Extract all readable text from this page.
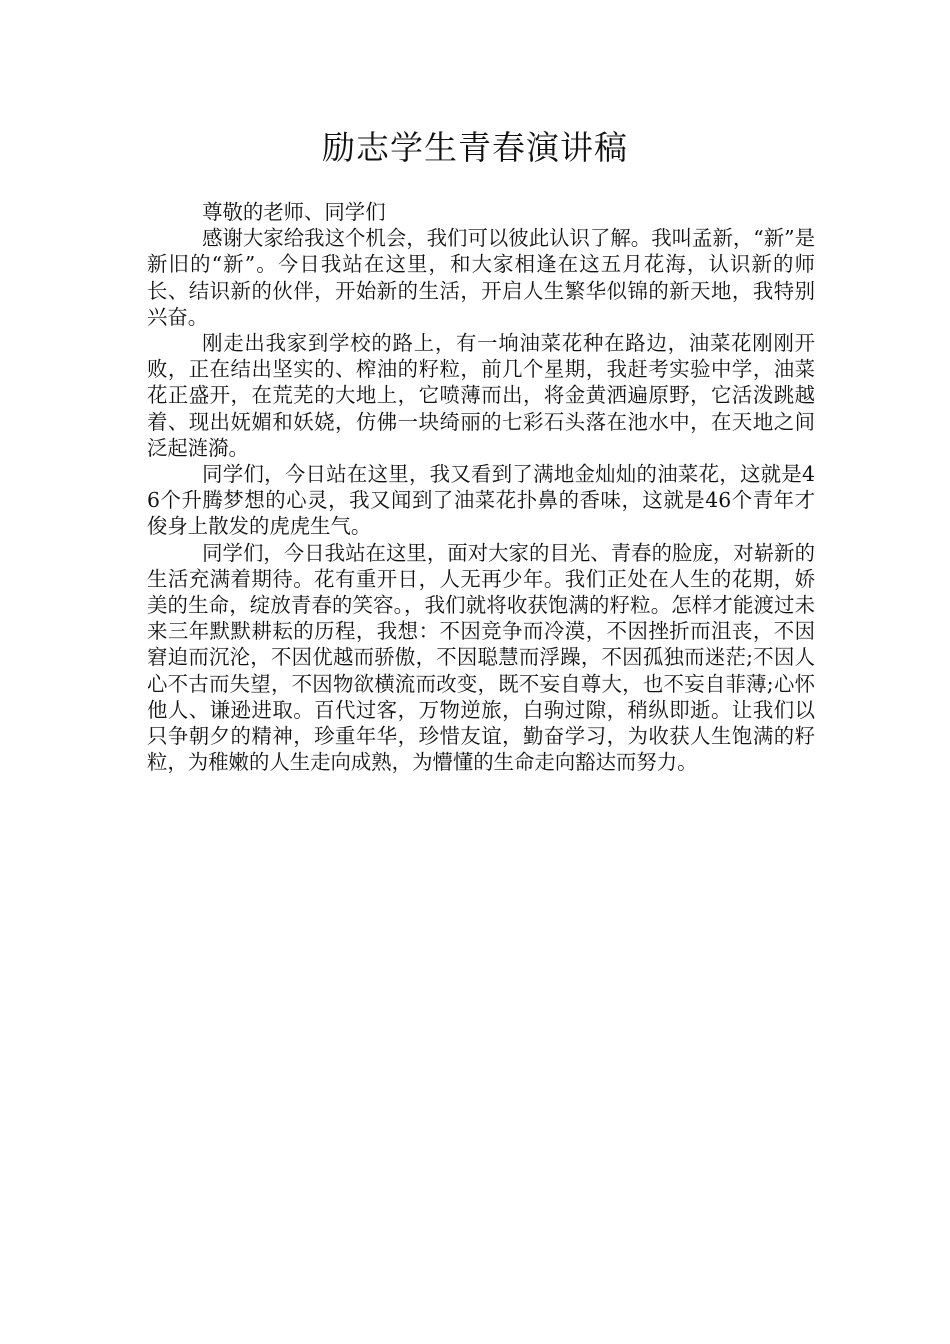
励志学生青春演讲稿

尊敬的老师、同学们

感谢大家给我这个机会，我们可以彼此认识了解。我叫孟新，“新”是新旧的“新”。今日我站在这里，和大家相逢在这五月花海，认识新的师长、结识新的伙伴，开始新的生活，开启人生繁华似锦的新天地，我特别兴奋。

刚走出我家到学校的路上，有一垧油菜花种在路边，油菜花刚刚开败，正在结出坚实的、榨油的籽粒，前几个星期，我赶考实验中学，油菜花正盛开，在荒芜的大地上，它喷薄而出，将金黄洒遍原野，它活泼跳越着、现出妩媚和妖娆，仿佛一块绮丽的七彩石头落在池水中，在天地之间泛起涟漪。

同学们，今日站在这里，我又看到了满地金灿灿的油菜花，这就是46个升腾梦想的心灵，我又闻到了油菜花扑鼻的香味，这就是46个青年才俊身上散发的虎虎生气。

同学们，今日我站在这里，面对大家的目光、青春的脸庞，对崭新的生活充满着期待。花有重开日，人无再少年。我们正处在人生的花期，娇美的生命，绽放青春的笑容。，我们就将收获饱满的籽粒。怎样才能渡过未来三年默默耕耘的历程，我想：不因竞争而冷漠，不因挫折而沮丧，不因窘迫而沉沦，不因优越而骄傲，不因聪慧而浮躁，不因孤独而迷茫;不因人心不古而失望，不因物欲横流而改变，既不妄自尊大，也不妄自菲薄;心怀他人、谦逊进取。百代过客，万物逆旅，白驹过隙，稍纵即逝。让我们以只争朝夕的精神，珍重年华，珍惜友谊，勤奋学习，为收获人生饱满的籽粒，为稚嫩的人生走向成熟，为懵懂的生命走向豁达而努力。
